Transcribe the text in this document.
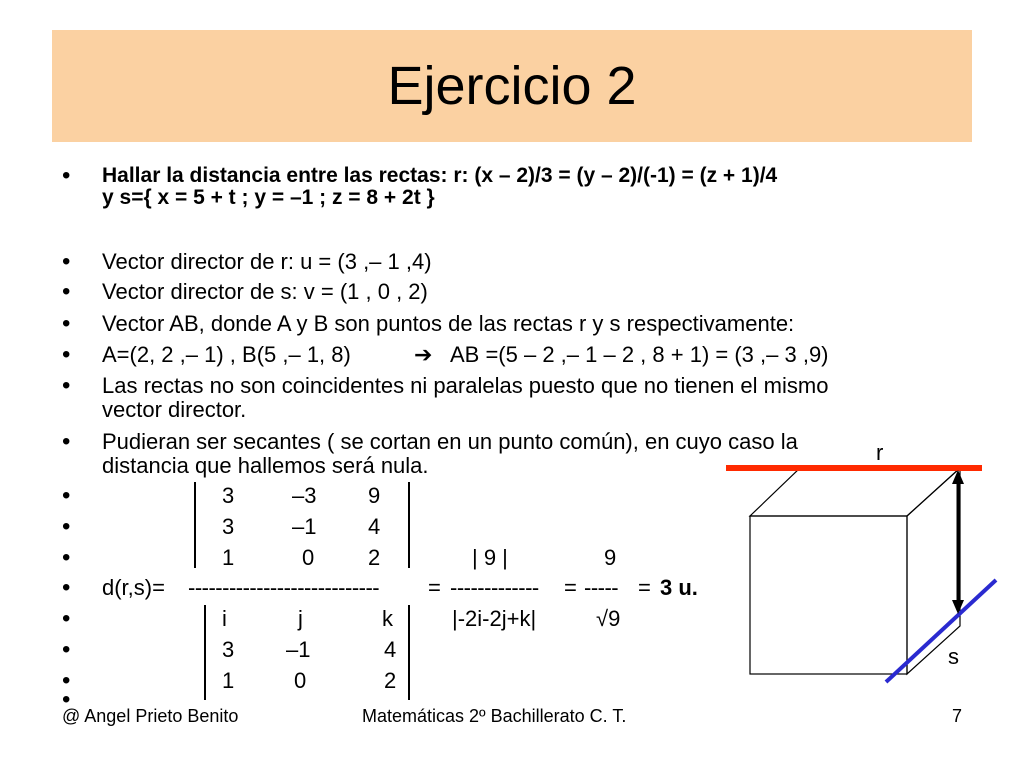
Ejercicio 2
• Hallar la distancia entre las rectas: r: (x – 2)/3 = (y – 2)/(-1) = (z + 1)/4
y s={ x = 5 + t ; y = –1 ; z = 8 + 2t }
• Vector director de r: u = (3 ,– 1 ,4)
• Vector director de s: v = (1 , 0 , 2)
• Vector AB, donde A y B son puntos de las rectas r y s respectivamente:
• A=(2, 2 ,– 1) , B(5 ,– 1, 8)	➔ AB =(5 – 2 ,– 1 – 2 , 8 + 1) = (3 ,– 3 ,9)
• Las rectas no son coincidentes ni paralelas puesto que no tienen el mismo
vector director.
• Pudieran ser secantes ( se cortan en un punto común), en cuyo caso la
distancia que hallemos será nula.
•	3	–3 9
•	3	–1 4
•	1	0 2	| 9 |	9
• d(r,s)= ---------------------------- = ------------- = ----- = 3 u.
•	i	j	k	|-2i-2j+k|	√9
•	3 –1	4
•	1	0	2
•
r
s
@ Angel Prieto Benito	Matemáticas 2º Bachillerato C. T.	7
